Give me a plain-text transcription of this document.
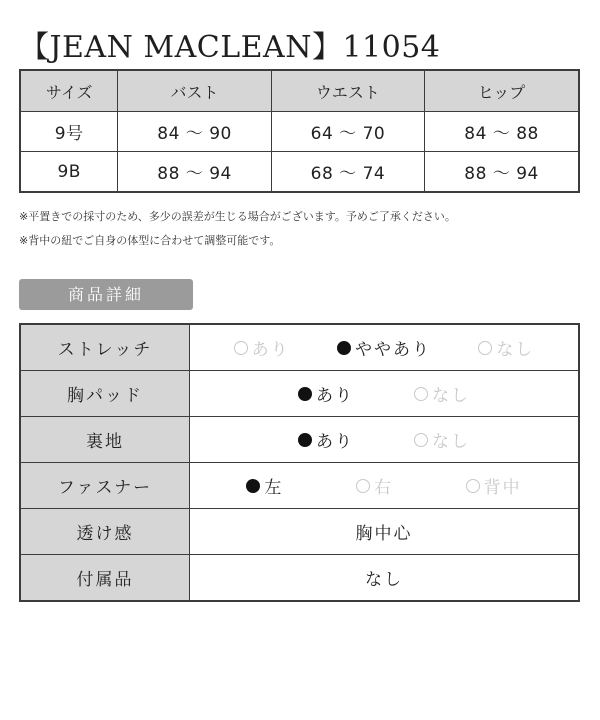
【JEAN MACLEAN】11054
サイズ	バスト	ウエスト	ヒップ
9号	84 ～ 90	64 ～ 70	84 ～ 88
9B	88 ～ 94	68 ～ 74	88 ～ 94
※平置きでの採寸のため、多少の誤差が生じる場合がございます。予めご了承ください。
※背中の紐でご自身の体型に合わせて調整可能です。
商品詳細
ストレッチ	あり ややあり なし

胸パッド	あり なし

裏地	あり なし

ファスナー	左 右 背中

透け感	胸中心
付属品	なし
